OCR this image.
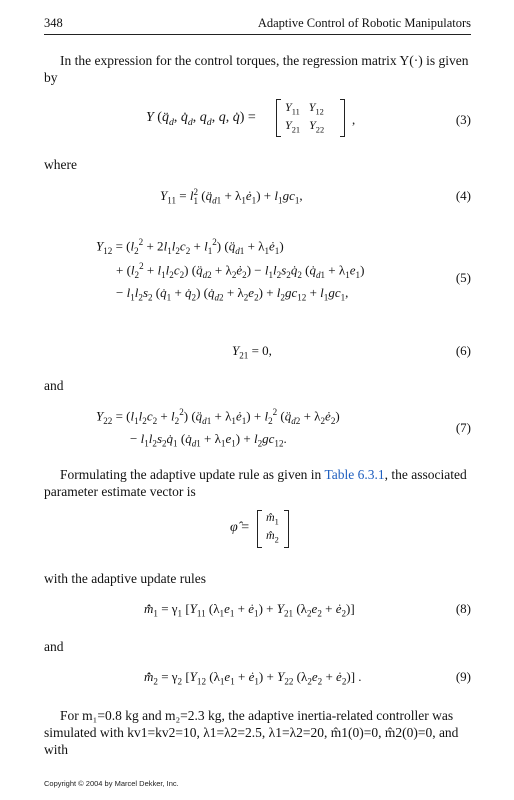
348	Adaptive Control of Robotic Manipulators
In the expression for the control torques, the regression matrix Y(·) is given by
Y ($q̈_d$, $q̇_d$, $q_d$, q, q̇) =
$Y_{11}$ $Y_{12}$
$Y_{21}$ $Y_{22}$
,	(3)
where
$Y_{11} = l$ 2
1 ($q̈_{d1}$ + $\lambda_1ė_1) + l_1gc_1$,	(4)
$Y_{12} = (l_2^2 + 2l_1l_2c_2 + l_1^2)$ ($q̈_{d1}$ + $\lambda_1ė_1$)
+ $(l_2^2 + l_1l_2c_2)$ ($q̈_{d2}$ + $\lambda_2ė_2$) − $l_1l_2s_2q̇_2$ $(q̇_{d1} + \lambda_1e_1)$
− $l_1l_2s_2$ ($q̇_1$ + $q̇_2$) $(q̇_{d2} + \lambda_2e_2) + l_2gc_{12} + l_1gc_1$,
(5)
$Y_{21} = 0$,	(6)
and
$Y_{22} = (l_1l_2c_2 + l_2^2)$ ($q̈_{d1}$ + $\lambda_1ė_1) + l_2^2$ ($q̈_{d2}$ + $\lambda_2ė_2$)
− $l_1l_2s_2q̇_1$ $(q̇_{d1} + \lambda_1e_1) + l_2gc_{12}$.
(7)
Formulating the adaptive update rule as given in Table 6.3.1, the associated parameter estimate vector is
φ̂ =
$m̂_1$
$m̂_2$
with the adaptive update rules
$m̂̇_1 = \gamma_1$ [$Y_{11}$ ($\lambda_1e_1$ + $ė_1) + Y_{21}$ ($\lambda_2e_2$ + $ė_2$)]	(8)
and
$m̂̇_2 = \gamma_2$ [$Y_{12}$ ($\lambda_1e_1$ + $ė_1) + Y_{22}$ ($\lambda_2e_2$ + $ė_2$)] .	(9)
For m₁=0.8 kg and m₂=2.3 kg, the adaptive inertia-related controller was simulated with kv1=kv2=10, λ1=λ2=2.5, λ1=λ2=20, m̂1(0)=0, m̂2(0)=0, and with
Copyright © 2004 by Marcel Dekker, Inc.
